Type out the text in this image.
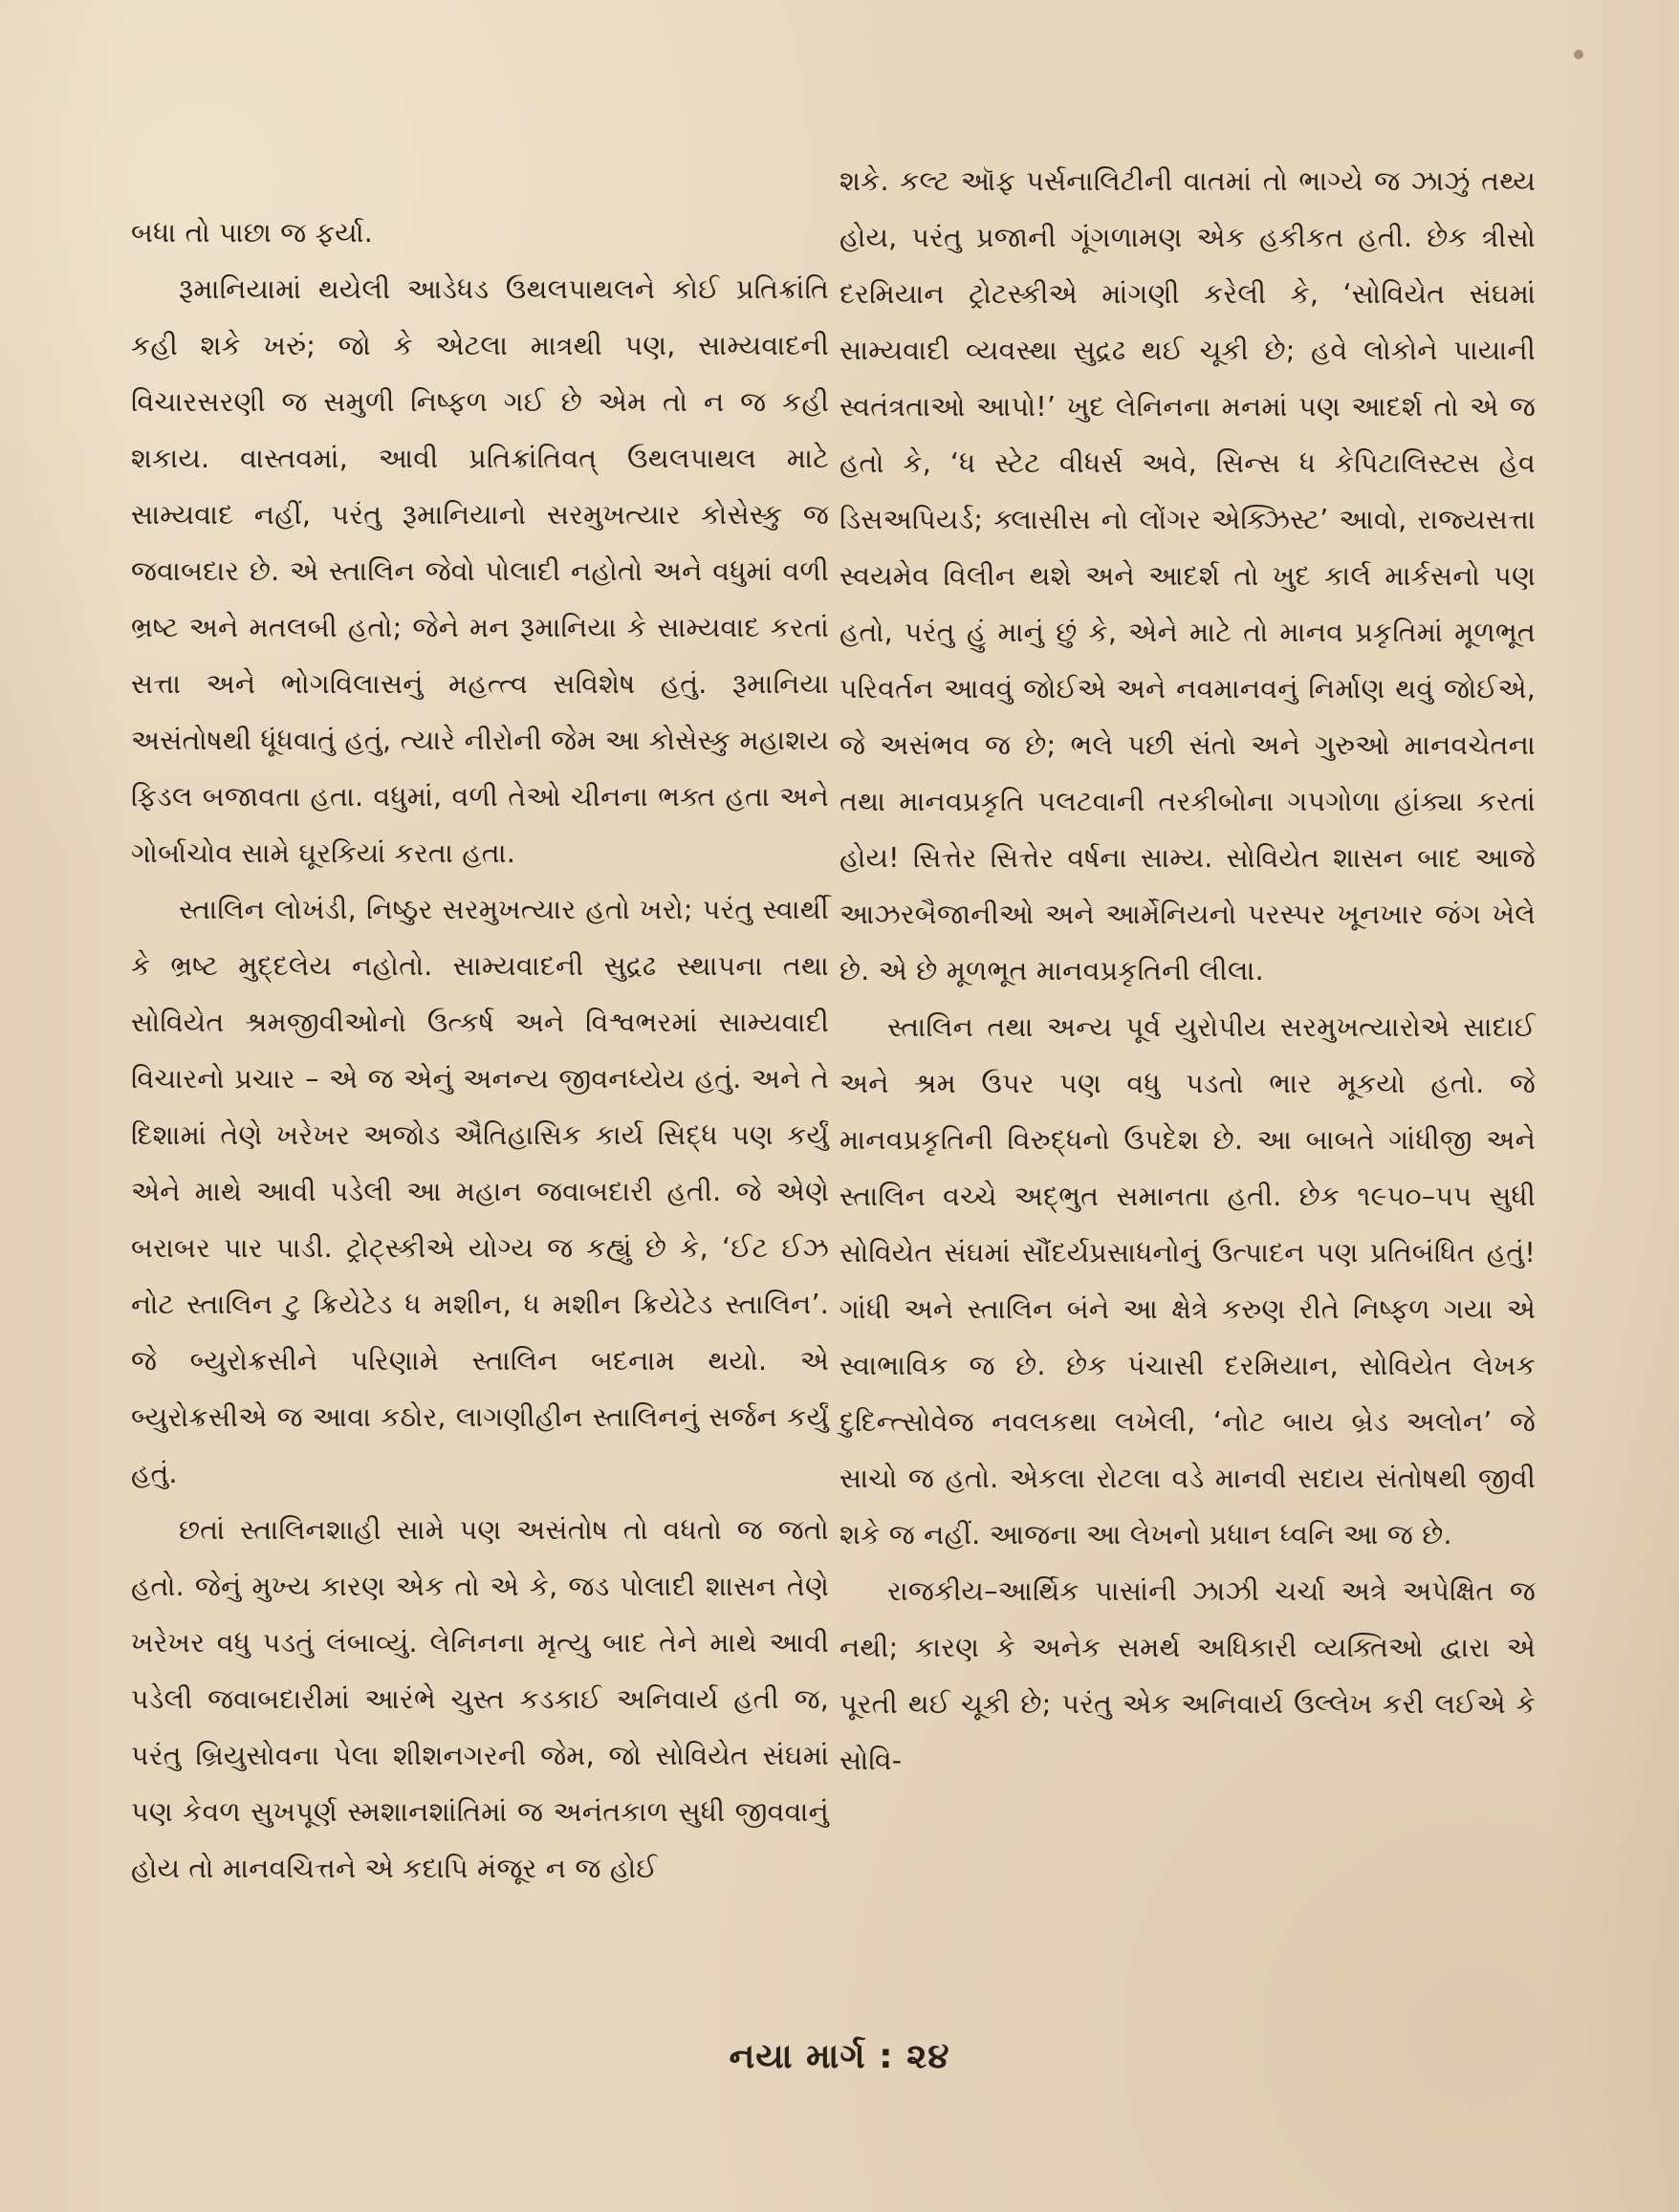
બધા તો પાછા જ ફર્યા.

રૂમાનિયામાં થયેલી આડેધડ ઉથલપાથલને કોઈ પ્રતિક્રાંતિ કહી શકે ખરું; જો કે એટલા માત્રથી પણ, સામ્યવાદની વિચારસરણી જ સમુળી નિષ્ફળ ગઈ છે એમ તો ન જ કહી શકાય. વાસ્તવમાં, આવી પ્રતિક્રાંતિવત્ ઉથલપાથલ માટે સામ્યવાદ નહીં, પરંતુ રૂમાનિયાનો સરમુખત્યાર કોસેસ્કુ જ જવાબદાર છે. એ સ્તાલિન જેવો પોલાદી નહોતો અને વધુમાં વળી ભ્રષ્ટ અને મતલબી હતો; જેને મન રૂમાનિયા કે સામ્યવાદ કરતાં સત્તા અને ભોગવિલાસનું મહત્ત્વ સવિશેષ હતું. રૂમાનિયા અસંતોષથી ધૂંધવાતું હતું, ત્યારે નીરોની જેમ આ કોસેસ્કુ મહાશય ફિડલ બજાવતા હતા. વધુમાં, વળી તેઓ ચીનના ભક્ત હતા અને ગોર્બાચોવ સામે ઘૂરકિયાં કરતા હતા.

સ્તાલિન લોખંડી, નિષ્ઠુર સરમુખત્યાર હતો ખરો; પરંતુ સ્વાર્થી કે ભ્રષ્ટ મુદ્દલેય નહોતો. સામ્યવાદની સુદ્રઢ સ્થાપના તથા સોવિયેત શ્રમજીવીઓનો ઉત્કર્ષ અને વિશ્વભરમાં સામ્યવાદી વિચારનો પ્રચાર – એ જ એનું અનન્ય જીવનધ્યેય હતું. અને તે દિશામાં તેણે ખરેખર અજોડ ઐતિહાસિક કાર્ય સિદ્ધ પણ કર્યું એને માથે આવી પડેલી આ મહાન જવાબદારી હતી. જે એણે બરાબર પાર પાડી. ટ્રોટ્સ્કીએ યોગ્ય જ કહ્યું છે કે, ‘ઈટ ઈઝ નોટ સ્તાલિન ટુ ક્રિયેટેડ ધ મશીન, ધ મશીન ક્રિયેટેડ સ્તાલિન’. જે બ્યુરોક્રસીને પરિણામે સ્તાલિન બદનામ થયો. એ બ્યુરોક્રસીએ જ આવા કઠોર, લાગણીહીન સ્તાલિનનું સર્જન કર્યું હતું.

છતાં સ્તાલિનશાહી સામે પણ અસંતોષ તો વધતો જ જતો હતો. જેનું મુખ્ય કારણ એક તો એ કે, જડ પોલાદી શાસન તેણે ખરેખર વધુ પડતું લંબાવ્યું. લેનિનના મૃત્યુ બાદ તેને માથે આવી પડેલી જવાબદારીમાં આરંભે ચુસ્ત કડકાઈ અનિવાર્ય હતી જ, પરંતુ બ્રિયુસોવના પેલા શીશનગરની જેમ, જો સોવિયેત સંઘમાં પણ કેવળ સુખપૂર્ણ સ્મશાનશાંતિમાં જ અનંતકાળ સુધી જીવવાનું હોય તો માનવચિત્તને એ કદાપિ મંજૂર ન જ હોઈ

શકે. કલ્ટ ઑફ પર્સનાલિટીની વાતમાં તો ભાગ્યે જ ઝાઝું તથ્ય હોય, પરંતુ પ્રજાની ગૂંગળામણ એક હકીકત હતી. છેક ત્રીસો દરમિયાન ટ્રોટસ્કીએ માંગણી કરેલી કે, ‘સોવિયેત સંઘમાં સામ્યવાદી વ્યવસ્થા સુદ્રઢ થઈ ચૂકી છે; હવે લોકોને પાયાની સ્વતંત્રતાઓ આપો!’ ખુદ લેનિનના મનમાં પણ આદર્શ તો એ જ હતો કે, ‘ધ સ્ટેટ વીધર્સ અવે, સિન્સ ધ કેપિટાલિસ્ટસ હેવ ડિસઅપિયર્ડ; ક્લાસીસ નો લોંગર એક્ઝિસ્ટ’ આવો, રાજ્યસત્તા સ્વયમેવ વિલીન થશે અને આદર્શ તો ખુદ કાર્લ માર્કસનો પણ હતો, પરંતુ હું માનું છું કે, એને માટે તો માનવ પ્રકૃતિમાં મૂળભૂત પરિવર્તન આવવું જોઈએ અને નવમાનવનું નિર્માણ થવું જોઈએ, જે અસંભવ જ છે; ભલે પછી સંતો અને ગુરુઓ માનવચેતના તથા માનવપ્રકૃતિ પલટવાની તરકીબોના ગપગોળા હાંક્યા કરતાં હોય! સિત્તેર સિત્તેર વર્ષના સામ્ય. સોવિયેત શાસન બાદ આજે આઝરબૈજાનીઓ અને આર્મેનિયનો પરસ્પર ખૂનખાર જંગ ખેલે છે. એ છે મૂળભૂત માનવપ્રકૃતિની લીલા.

સ્તાલિન તથા અન્ય પૂર્વ યુરોપીય સરમુખત્યારોએ સાદાઈ અને શ્રમ ઉપર પણ વધુ પડતો ભાર મૂકયો હતો. જે માનવપ્રકૃતિની વિરુદ્ધનો ઉપદેશ છે. આ બાબતે ગાંધીજી અને સ્તાલિન વચ્ચે અદ્ભુત સમાનતા હતી. છેક ૧૯૫૦–૫૫ સુધી સોવિયેત સંઘમાં સૌંદર્યપ્રસાધનોનું ઉત્પાદન પણ પ્રતિબંધિત હતું! ગાંધી અને સ્તાલિન બંને આ ક્ષેત્રે કરુણ રીતે નિષ્ફળ ગયા એ સ્વાભાવિક જ છે. છેક પંચાસી દરમિયાન, સોવિયેત લેખક દુદિન્ત્સોવેજ નવલકથા લખેલી, ‘નોટ બાય બ્રેડ અલોન’ જે સાચો જ હતો. એકલા રોટલા વડે માનવી સદાય સંતોષથી જીવી શકે જ નહીં. આજના આ લેખનો પ્રધાન ધ્વનિ આ જ છે.

રાજકીય–આર્થિક પાસાંની ઝાઝી ચર્ચા અત્રે અપેક્ષિત જ નથી; કારણ કે અનેક સમર્થ અધિકારી વ્યક્તિઓ દ્વારા એ પૂરતી થઈ ચૂકી છે; પરંતુ એક અનિવાર્ય ઉલ્લેખ કરી લઈએ કે સોવિ-

નયા માર્ગ : ૨૪
